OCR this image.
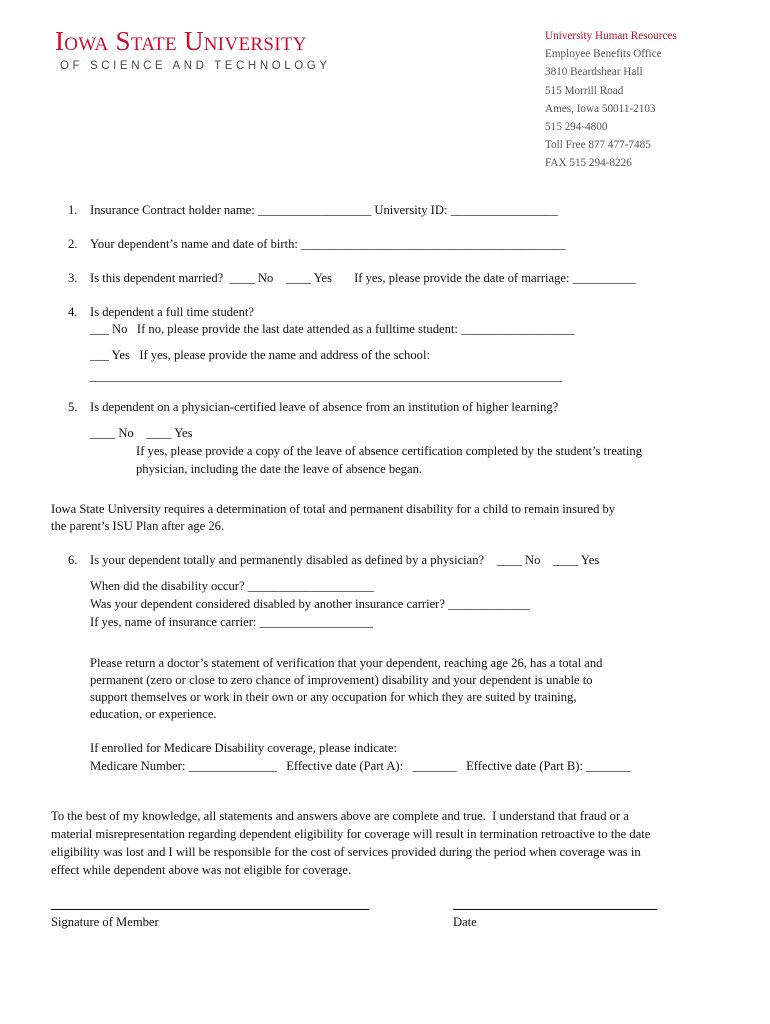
Iowa State University
OF SCIENCE AND TECHNOLOGY
University Human Resources
Employee Benefits Office
3810 Beardshear Hall
515 Morrill Road
Ames, Iowa 50011-2103
515 294-4800
Toll Free 877 477-7485
FAX 515 294-8226
1. Insurance Contract holder name: __________________ University ID: _________________
2. Your dependent’s name and date of birth: __________________________________________
3. Is this dependent married?  ____ No    ____ Yes       If yes, please provide the date of marriage: __________
4. Is dependent a full time student?
___ No   If no, please provide the last date attended as a fulltime student: __________________
___ Yes   If yes, please provide the name and address of the school:
___________________________________________________________________________
5. Is dependent on a physician-certified leave of absence from an institution of higher learning?
____ No    ____ Yes
If yes, please provide a copy of the leave of absence certification completed by the student’s treating
physician, including the date the leave of absence began.
Iowa State University requires a determination of total and permanent disability for a child to remain insured by
the parent’s ISU Plan after age 26.
6. Is your dependent totally and permanently disabled as defined by a physician?    ____ No    ____ Yes
When did the disability occur? ____________________
Was your dependent considered disabled by another insurance carrier? _____________
If yes, name of insurance carrier: __________________
Please return a doctor’s statement of verification that your dependent, reaching age 26, has a total and
permanent (zero or close to zero chance of improvement) disability and your dependent is unable to
support themselves or work in their own or any occupation for which they are suited by training,
education, or experience.
If enrolled for Medicare Disability coverage, please indicate:
Medicare Number: ______________   Effective date (Part A):   _______   Effective date (Part B): _______
To the best of my knowledge, all statements and answers above are complete and true.  I understand that fraud or a
material misrepresentation regarding dependent eligibility for coverage will result in termination retroactive to the date
eligibility was lost and I will be responsible for the cost of services provided during the period when coverage was in
effect while dependent above was not eligible for coverage.
Signature of Member	Date
